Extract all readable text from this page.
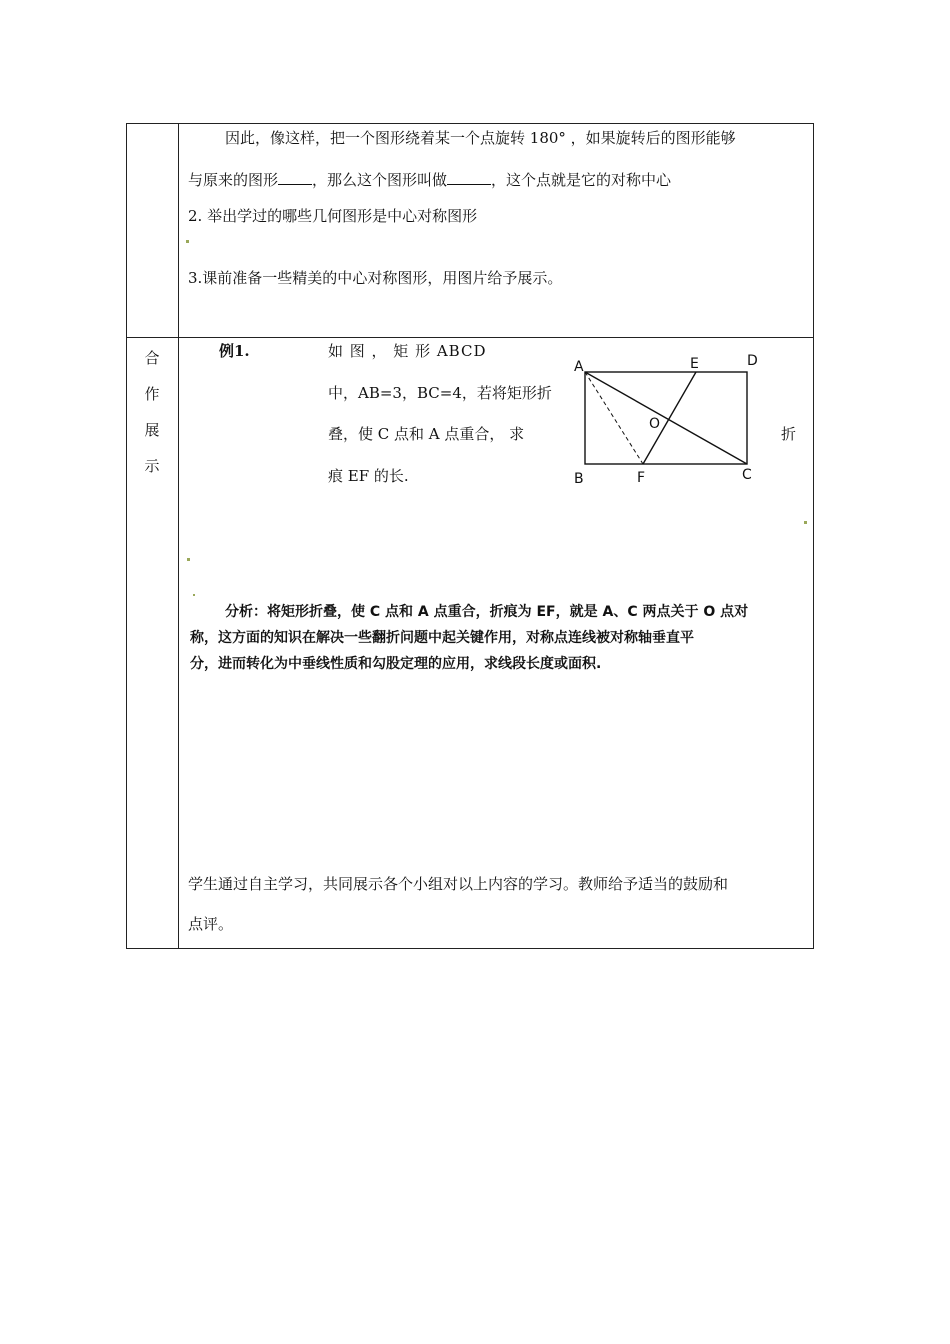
因此，像这样，把一个图形绕着某一个点旋转 180° ，如果旋转后的图形能够
与原来的图形 ，那么这个图形叫做	，这个点就是它的对称中心
2. 举出学过的哪些几何图形是中心对称图形
3.课前准备一些精美的中心对称图形，用图片给予展示。
合
作
展
示
例1.	如 图 ， 矩 形 ABCD
中，AB=3，BC=4，若将矩形折
叠，使 C 点和 A 点重合， 求
痕 EF 的长.
折
A
B	C
D
E
F
O
分析：将矩形折叠，使 C 点和 A 点重合，折痕为 EF，就是 A、C 两点关于 O 点对
称，这方面的知识在解决一些翻折问题中起关键作用，对称点连线被对称轴垂直平
分，进而转化为中垂线性质和勾股定理的应用，求线段长度或面积.
学生通过自主学习，共同展示各个小组对以上内容的学习。教师给予适当的鼓励和
点评。
